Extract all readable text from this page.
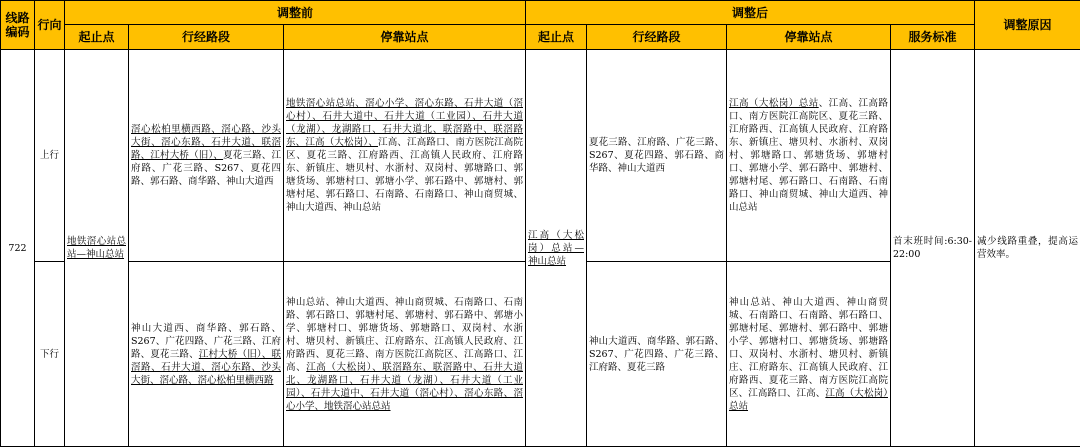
线路编码	行向	调整前			调整后				调整原因
		起止点	行经路段	停靠站点	起止点	行经路段	停靠站点	服务标准	
722	上行	地铁滘心站总站—神山总站	滘心松柏里横西路、滘心路、沙头大街、滘心东路、石井大道、联滘路、江村大桥（旧）、夏花三路、江府路、广花三路、S267、夏花四路、郭石路、商华路、神山大道西	地铁滘心站总站、滘心小学、滘心东路、石井大道（滘心村）、石井大道中、石井大道（工业园）、石井大道（龙湖）、龙湖路口、石井大道北、联滘路中、联滘路东、江高（大松岗）、江高、江高路口、南方医院江高院区、夏花三路、江府路西、江高镇人民政府、江府路东、新镇庄、塘贝村、水浙村、双岗村、郭塘路口、郭塘货场、郭塘村口、郭塘小学、郭石路中、郭塘村、郭塘村尾、郭石路口、石南路、石南路口、神山商贸城、神山大道西、神山总站	江高（大松岗）总站—神山总站	夏花三路、江府路、广花三路、S267、夏花四路、郭石路、商华路、神山大道西	江高（大松岗）总站、江高、江高路口、南方医院江高院区、夏花三路、江府路西、江高镇人民政府、江府路东、新镇庄、塘贝村、水浙村、双岗村、郭塘路口、郭塘货场、郭塘村口、郭塘小学、郭石路中、郭塘村、郭塘村尾、郭石路口、石南路、石南路口、神山商贸城、神山大道西、神山总站	首末班时间:6:30-22:00	减少线路重叠，提高运营效率。
	下行		神山大道西、商华路、郭石路、S267、广花四路、广花三路、江府路、夏花三路、江村大桥（旧）、联滘路、石井大道、滘心东路、沙头大街、滘心路、滘心松柏里横西路	神山总站、神山大道西、神山商贸城、石南路口、石南路、郭石路口、郭塘村尾、郭塘村、郭石路中、郭塘小学、郭塘村口、郭塘货场、郭塘路口、双岗村、水浙村、塘贝村、新镇庄、江府路东、江高镇人民政府、江府路西、夏花三路、南方医院江高院区、江高路口、江高、江高（大松岗）、联滘路东、联滘路中、石井大道北、龙湖路口、石井大道（龙湖）、石井大道（工业园）、石井大道中、石井大道（滘心村）、滘心东路、滘心小学、地铁滘心站总站		神山大道西、商华路、郭石路、S267、广花四路、广花三路、江府路、夏花三路	神山总站、神山大道西、神山商贸城、石南路口、石南路、郭石路口、郭塘村尾、郭塘村、郭石路中、郭塘小学、郭塘村口、郭塘货场、郭塘路口、双岗村、水浙村、塘贝村、新镇庄、江府路东、江高镇人民政府、江府路西、夏花三路、南方医院江高院区、江高路口、江高、江高（大松岗）总站		
